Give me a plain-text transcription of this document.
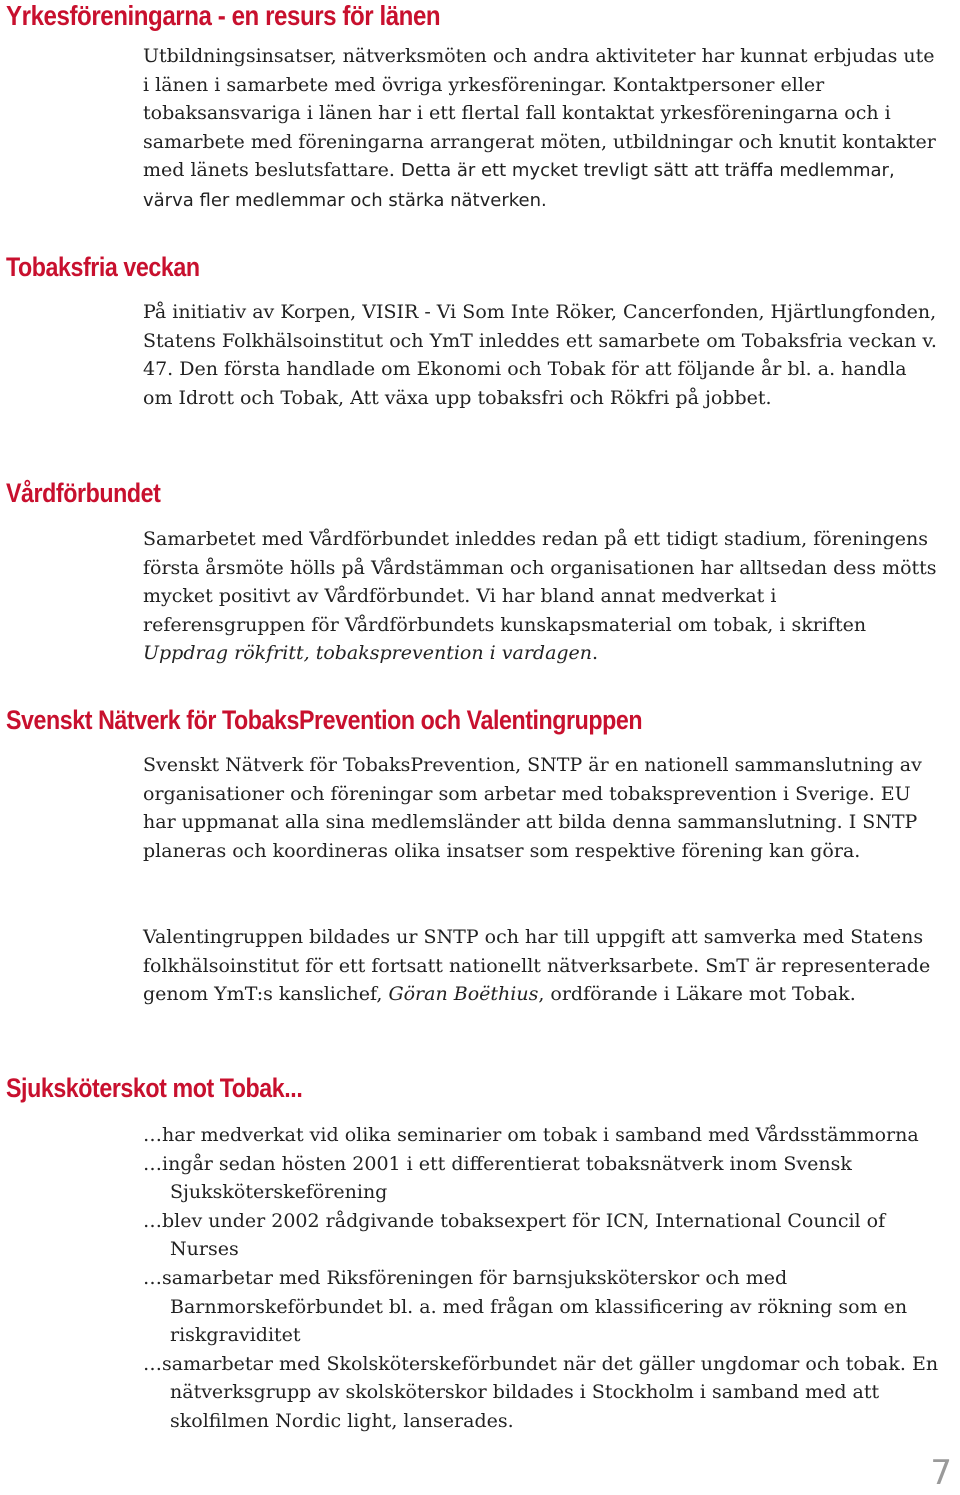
Yrkesföreningarna - en resurs för länen
Utbildningsinsatser, nätverksmöten och andra aktiviteter har kunnat erbjudas ute i länen i samarbete med övriga yrkesföreningar. Kontaktpersoner eller tobaksansvariga i länen har i ett flertal fall kontaktat yrkesföreningarna och i samarbete med föreningarna arrangerat möten, utbildningar och knutit kontakter med länets beslutsfattare. Detta är ett mycket trevligt sätt att träffa medlemmar, värva fler medlemmar och stärka nätverken.
Tobaksfria veckan

På initiativ av Korpen, VISIR - Vi Som Inte Röker, Cancerfonden, Hjärtlungfonden, Statens Folkhälsoinstitut och YmT inleddes ett samarbete om Tobaksfria veckan v. 47. Den första handlade om Ekonomi och Tobak för att följande år bl. a. handla om Idrott och Tobak, Att växa upp tobaksfri och Rökfri på jobbet.

Vårdförbundet

Samarbetet med Vårdförbundet inleddes redan på ett tidigt stadium, föreningens första årsmöte hölls på Vårdstämman och organisationen har alltsedan dess mötts mycket positivt av Vårdförbundet. Vi har bland annat medverkat i referensgruppen för Vårdförbundets kunskapsmaterial om tobak, i skriften Uppdrag rökfritt, tobaksprevention i vardagen.

Svenskt Nätverk för TobaksPrevention och Valentingruppen

Svenskt Nätverk för TobaksPrevention, SNTP är en nationell sammanslutning av organisationer och föreningar som arbetar med tobaksprevention i Sverige. EU har uppmanat alla sina medlemsländer att bilda denna sammanslutning. I SNTP planeras och koordineras olika insatser som respektive förening kan göra.

Valentingruppen bildades ur SNTP och har till uppgift att samverka med Statens folkhälsoinstitut för ett fortsatt nationellt nätverksarbete. SmT är representerade genom YmT:s kanslichef, Göran Boëthius, ordförande i Läkare mot Tobak.

Sjuksköterskot mot Tobak...
…har medverkat vid olika seminarier om tobak i samband med Vårdsstämmorna
…ingår sedan hösten 2001 i ett differentierat tobaksnätverk inom Svensk Sjuksköterskeförening
…blev under 2002 rådgivande tobaksexpert för ICN, International Council of Nurses
…samarbetar med Riksföreningen för barnsjuksköterskor och med Barnmorskeförbundet bl. a. med frågan om klassificering av rökning som en riskgraviditet
…samarbetar med Skolsköterskeförbundet när det gäller ungdomar och tobak. En nätverksgrupp av skolsköterskor bildades i Stockholm i samband med att skolfilmen Nordic light, lanserades.
7
